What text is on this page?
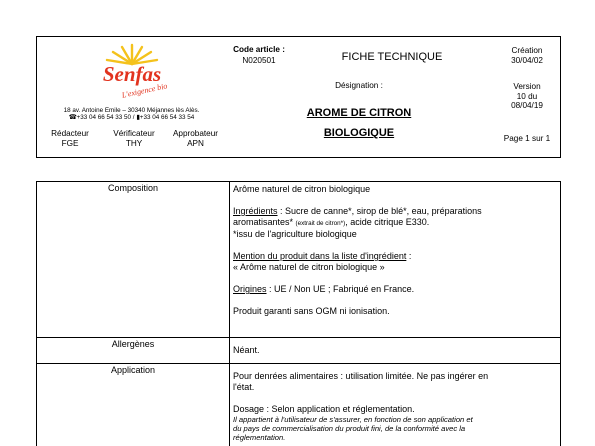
Senfas
L'exigence bio
18 av. Antoine Emile – 30340 Méjannes lès Alès.
☎+33 04 66 54 33 50 / ▮+33 04 66 54 33 54
Rédacteur
FGE
Vérificateur
THY
Approbateur
APN
Code article :
N020501	FICHE TECHNIQUE
Désignation :
AROME DE CITRON
BIOLOGIQUE
Création
30/04/02
Version
10 du
08/04/19
Page 1 sur 1
Composition	Arôme naturel de citron biologique

Ingrédients : Sucre de canne*, sirop de blé*, eau, préparations

aromatisantes* (extrait de citron*), acide citrique E330.

*issu de l'agriculture biologique

Mention du produit dans la liste d'ingrédient :

« Arôme naturel de citron biologique »

Origines : UE / Non UE ; Fabriqué en France.

Produit garanti sans OGM ni ionisation.

Allergènes
Néant.
Application

Pour denrées alimentaires : utilisation limitée. Ne pas ingérer en

l'état.

Dosage : Selon application et réglementation.

Il appartient à l'utilisateur de s'assurer, en fonction de son application et

du pays de commercialisation du produit fini, de la conformité avec la

réglementation.
